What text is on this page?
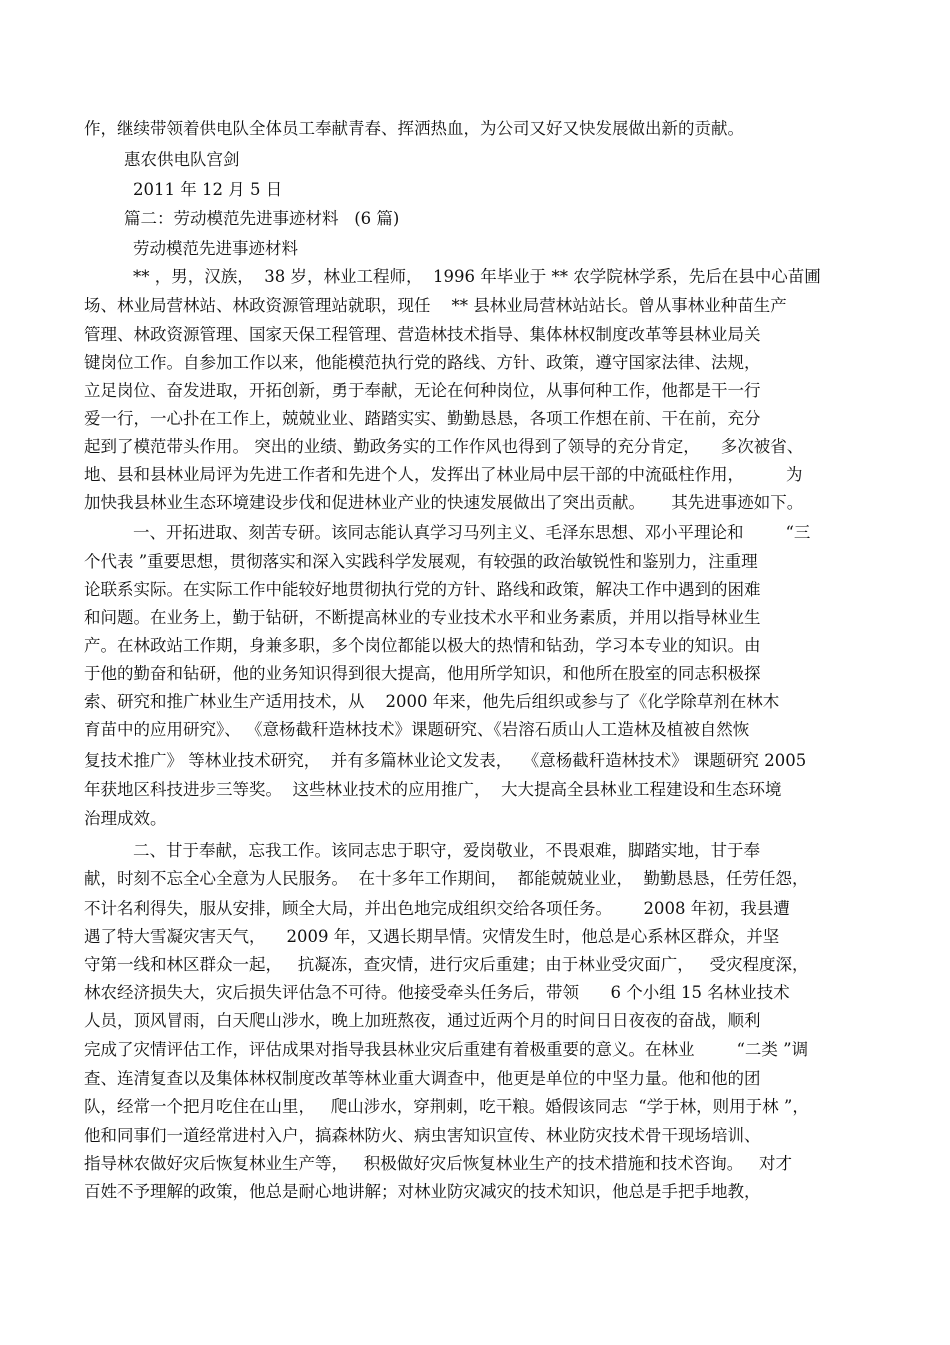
作，继续带领着供电队全体员工奉献青春、挥洒热血，为公司又好又快发展做出新的贡献。
惠农供电队宫剑
2011 年 12 月 5 日
篇二：劳动模范先进事迹材料   (6 篇)
劳动模范先进事迹材料
** ，男，汉族，  38 岁，林业工程师，  1996 年毕业于 ** 农学院林学系，先后在县中心苗圃
场、林业局营林站、林政资源管理站就职，现任    ** 县林业局营林站站长。曾从事林业种苗生产
管理、林政资源管理、国家天保工程管理、营造林技术指导、集体林权制度改革等县林业局关
键岗位工作。自参加工作以来，他能模范执行党的路线、方针、政策，遵守国家法律、法规，
立足岗位、奋发进取，开拓创新，勇于奉献，无论在何种岗位，从事何种工作，他都是干一行
爱一行，一心扑在工作上，兢兢业业、踏踏实实、勤勤恳恳，各项工作想在前、干在前，充分
起到了模范带头作用。 突出的业绩、勤政务实的工作作风也得到了领导的充分肯定，    多次被省、
地、县和县林业局评为先进工作者和先进个人，发挥出了林业局中层干部的中流砥柱作用，        为
加快我县林业生态环境建设步伐和促进林业产业的快速发展做出了突出贡献。     其先进事迹如下。
一、开拓进取、刻苦专研。该同志能认真学习马列主义、毛泽东思想、邓小平理论和        “三
个代表 ”重要思想，贯彻落实和深入实践科学发展观，有较强的政治敏锐性和鉴别力，注重理
论联系实际。在实际工作中能较好地贯彻执行党的方针、路线和政策，解决工作中遇到的困难
和问题。在业务上，勤于钻研，不断提高林业的专业技术水平和业务素质，并用以指导林业生
产。在林政站工作期，身兼多职，多个岗位都能以极大的热情和钻劲，学习本专业的知识。由
于他的勤奋和钻研，他的业务知识得到很大提高，他用所学知识，和他所在股室的同志积极探
索、研究和推广林业生产适用技术，从    2000 年来，他先后组织或参与了《化学除草剂在林木
育苗中的应用研究》、 《意杨截秆造林技术》课题研究、《岩溶石质山人工造林及植被自然恢
复技术推广》 等林业技术研究，  并有多篇林业论文发表，  《意杨截秆造林技术》 课题研究 2005
年获地区科技进步三等奖。  这些林业技术的应用推广，  大大提高全县林业工程建设和生态环境
治理成效。
二、甘于奉献，忘我工作。该同志忠于职守，爱岗敬业，不畏艰难，脚踏实地，甘于奉
献，时刻不忘全心全意为人民服务。  在十多年工作期间，  都能兢兢业业，  勤勤恳恳，任劳任怨，
不计名利得失，服从安排，顾全大局，并出色地完成组织交给各项任务。      2008 年初，我县遭
遇了特大雪凝灾害天气，    2009 年，又遇长期旱情。灾情发生时，他总是心系林区群众，并坚
守第一线和林区群众一起，   抗凝冻，查灾情，进行灾后重建；由于林业受灾面广，   受灾程度深，
林农经济损失大，灾后损失评估急不可待。他接受牵头任务后，带领      6 个小组 15 名林业技术
人员，顶风冒雨，白天爬山涉水，晚上加班熬夜，通过近两个月的时间日日夜夜的奋战，顺利
完成了灾情评估工作，评估成果对指导我县林业灾后重建有着极重要的意义。在林业        “二类 ”调
查、连清复查以及集体林权制度改革等林业重大调查中，他更是单位的中坚力量。他和他的团
队，经常一个把月吃住在山里，   爬山涉水，穿荆刺，吃干粮。婚假该同志  “学于林，则用于林 ”，
他和同事们一道经常进村入户，搞森林防火、病虫害知识宣传、林业防灾技术骨干现场培训、
指导林农做好灾后恢复林业生产等，   积极做好灾后恢复林业生产的技术措施和技术咨询。   对才
百姓不予理解的政策，他总是耐心地讲解；对林业防灾减灾的技术知识，他总是手把手地教，
